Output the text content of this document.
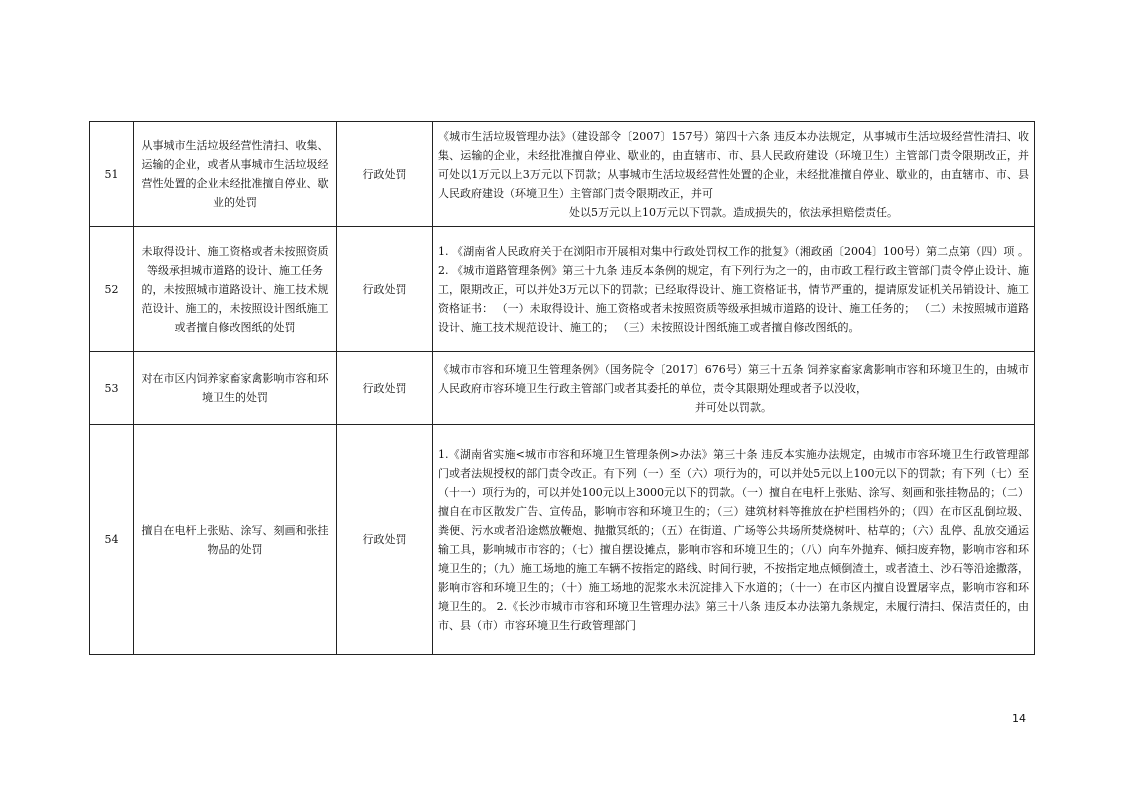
51	从事城市生活垃圾经营性清扫、收集、运输的企业，或者从事城市生活垃圾经营性处置的企业未经批准擅自停业、歇业的处罚	行政处罚	《城市生活垃圾管理办法》（建设部令〔2007〕157号）第四十六条 违反本办法规定，从事城市生活垃圾经营性清扫、收集、运输的企业，未经批准擅自停业、歇业的，由直辖市、市、县人民政府建设（环境卫生）主管部门责令限期改正，并可处以1万元以上3万元以下罚款；从事城市生活垃圾经营性处置的企业，未经批准擅自停业、歇业的，由直辖市、市、县人民政府建设（环境卫生）主管部门责令限期改正，并可
处以5万元以上10万元以下罚款。造成损失的，依法承担赔偿责任。

52	未取得设计、施工资格或者未按照资质等级承担城市道路的设计、施工任务的，未按照城市道路设计、施工技术规范设计、施工的，未按照设计图纸施工或者擅自修改图纸的处罚	行政处罚	1. 《湖南省人民政府关于在浏阳市开展相对集中行政处罚权工作的批复》（湘政函〔2004〕100号）第二点第（四）项 。 2. 《城市道路管理条例》第三十九条 违反本条例的规定，有下列行为之一的，由市政工程行政主管部门责令停止设计、施工，限期改正，可以并处3万元以下的罚款；已经取得设计、施工资格证书，情节严重的，提请原发证机关吊销设计、施工资格证书： （一）未取得设计、施工资格或者未按照资质等级承担城市道路的设计、施工任务的； （二）未按照城市道路设计、施工技术规范设计、施工的； （三）未按照设计图纸施工或者擅自修改图纸的。
53	对在市区内饲养家畜家禽影响市容和环境卫生的处罚	行政处罚	《城市市容和环境卫生管理条例》（国务院令〔2017〕676号）第三十五条 饲养家畜家禽影响市容和环境卫生的，由城市人民政府市容环境卫生行政主管部门或者其委托的单位，责令其限期处理或者予以没收，
并可处以罚款。

54	擅自在电杆上张贴、涂写、刻画和张挂物品的处罚	行政处罚	1.《湖南省实施<城市市容和环境卫生管理条例>办法》第三十条 违反本实施办法规定，由城市市容环境卫生行政管理部门或者法规授权的部门责令改正。有下列（一）至（六）项行为的，可以并处5元以上100元以下的罚款；有下列（七）至（十一）项行为的，可以并处100元以上3000元以下的罚款。（一）擅自在电杆上张贴、涂写、刻画和张挂物品的；（二）擅自在市区散发广告、宣传品，影响市容和环境卫生的；（三）建筑材料等推放在护栏围档外的；（四）在市区乱倒垃圾、粪便、污水或者沿途燃放鞭炮、抛撒冥纸的；（五）在街道、广场等公共场所焚烧树叶、枯草的；（六）乱停、乱放交通运输工具，影响城市市容的；（七）擅自摆设摊点，影响市容和环境卫生的；（八）向车外抛弃、倾扫废弃物，影响市容和环境卫生的；（九）施工场地的施工车辆不按指定的路线、时间行驶，不按指定地点倾倒渣土，或者渣土、沙石等沿途撒落，影响市容和环境卫生的；（十）施工场地的泥浆水未沉淀排入下水道的；（十一）在市区内擅自设置屠宰点，影响市容和环境卫生的。 2.《长沙市城市市容和环境卫生管理办法》第三十八条 违反本办法第九条规定，未履行清扫、保洁责任的，由市、县（市）市容环境卫生行政管理部门
14
